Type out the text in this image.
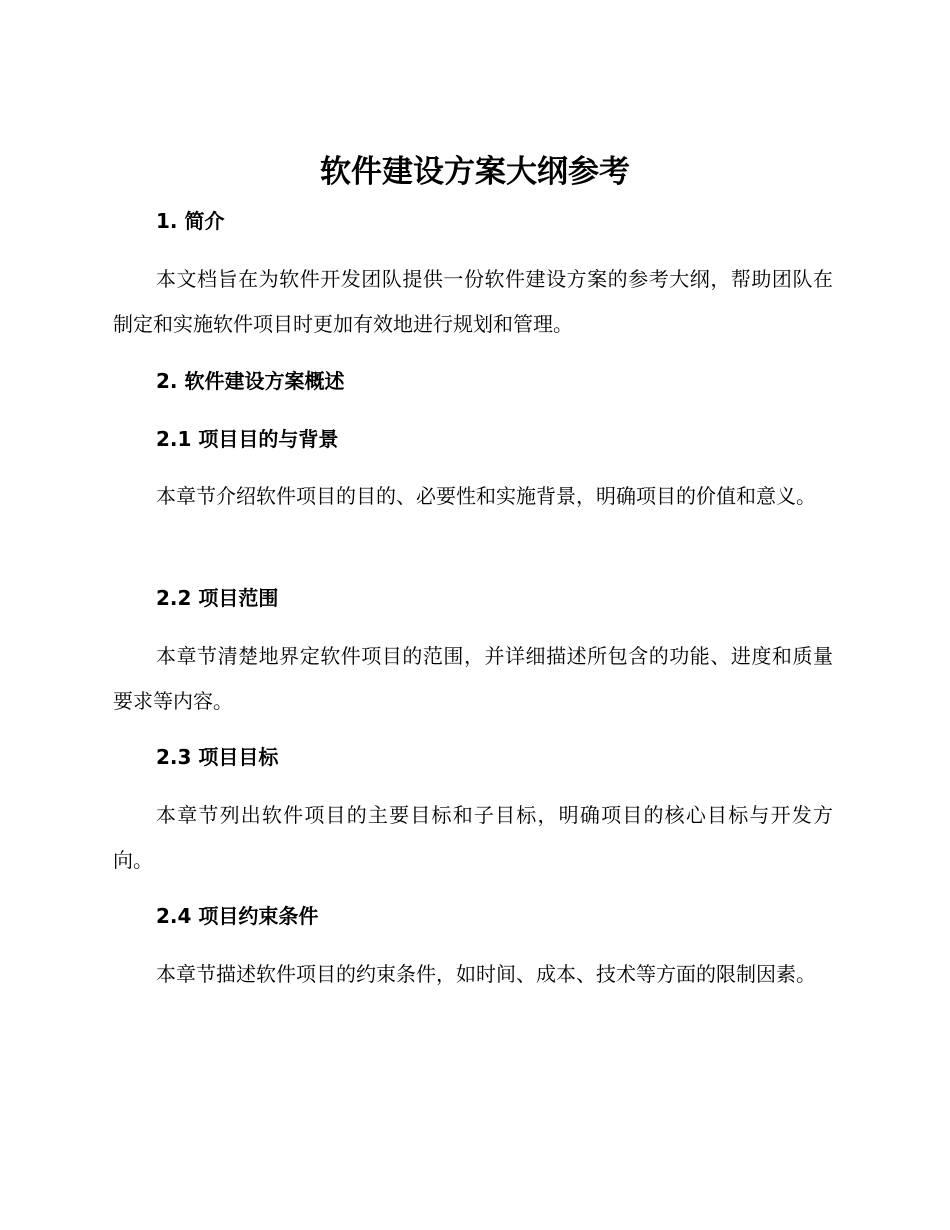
软件建设方案大纲参考
1. 简介
本文档旨在为软件开发团队提供一份软件建设方案的参考大纲，帮助团队在制定和实施软件项目时更加有效地进行规划和管理。
2. 软件建设方案概述
2.1 项目目的与背景
本章节介绍软件项目的目的、必要性和实施背景，明确项目的价值和意义。
2.2 项目范围
本章节清楚地界定软件项目的范围，并详细描述所包含的功能、进度和质量要求等内容。
2.3 项目目标
本章节列出软件项目的主要目标和子目标，明确项目的核心目标与开发方向。
2.4 项目约束条件
本章节描述软件项目的约束条件，如时间、成本、技术等方面的限制因素。
